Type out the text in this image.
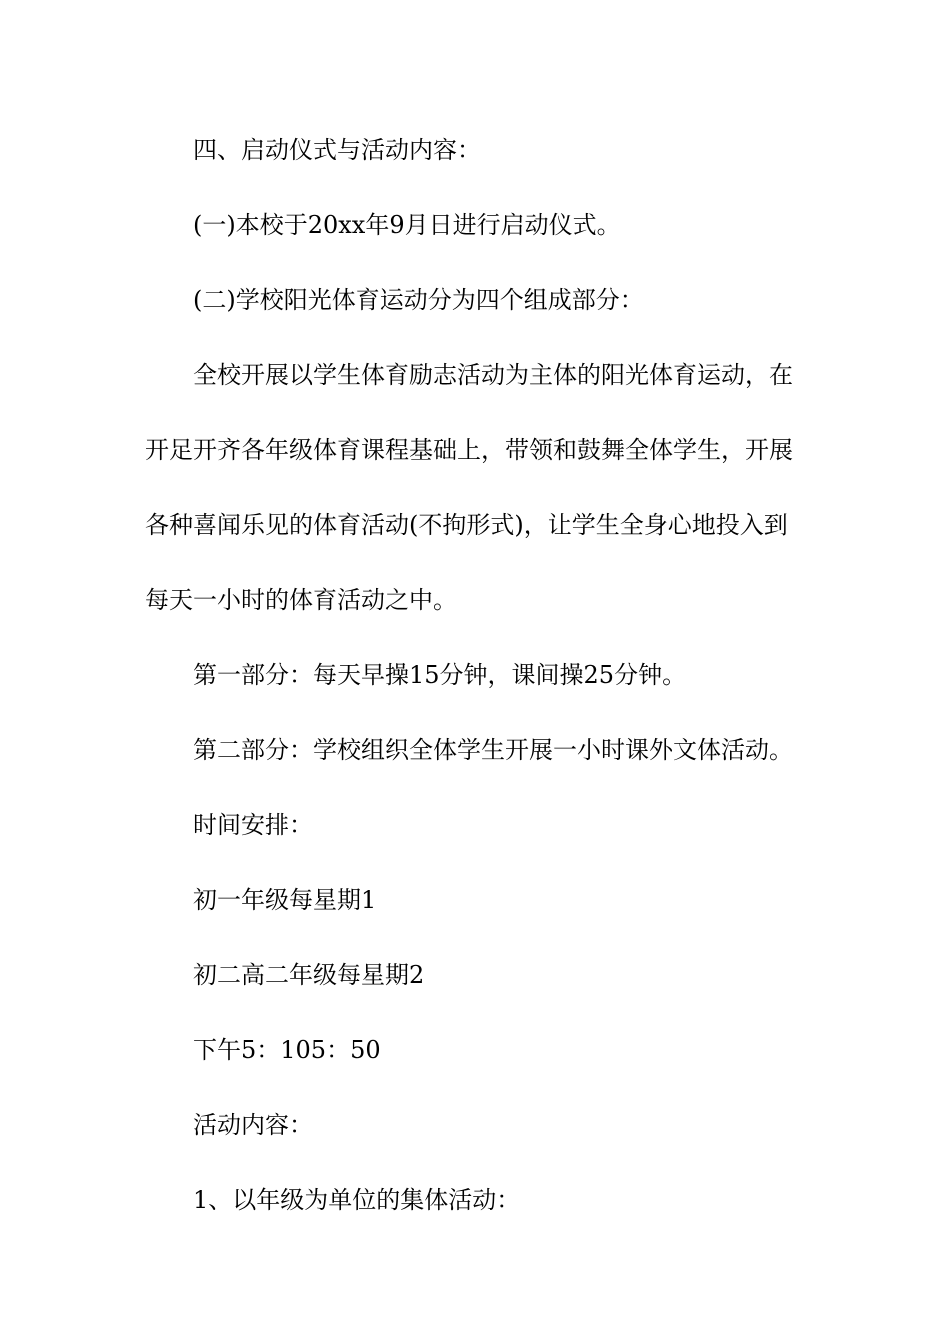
四、启动仪式与活动内容：

(一)本校于20xx年9月日进行启动仪式。

(二)学校阳光体育运动分为四个组成部分：

全校开展以学生体育励志活动为主体的阳光体育运动，在

开足开齐各年级体育课程基础上，带领和鼓舞全体学生，开展

各种喜闻乐见的体育活动(不拘形式)，让学生全身心地投入到

每天一小时的体育活动之中。

第一部分：每天早操15分钟，课间操25分钟。

第二部分：学校组织全体学生开展一小时课外文体活动。

时间安排：

初一年级每星期1

初二高二年级每星期2

下午5：105：50

活动内容：

1、以年级为单位的集体活动：
